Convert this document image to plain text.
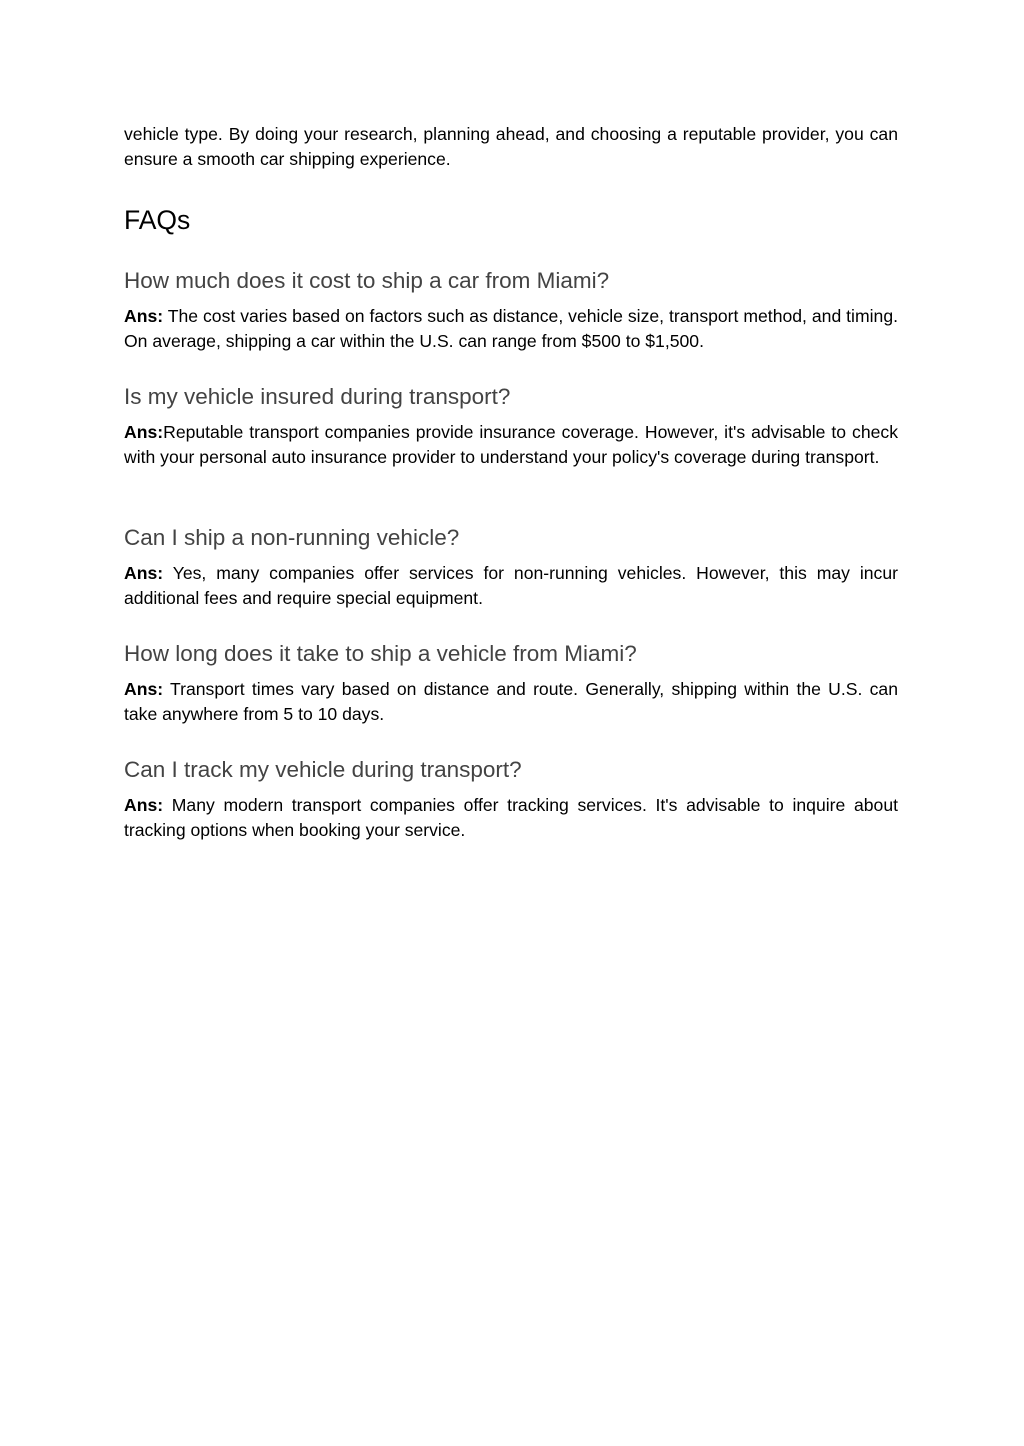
vehicle type. By doing your research, planning ahead, and choosing a reputable provider, you can ensure a smooth car shipping experience.

FAQs
How much does it cost to ship a car from Miami?

Ans: The cost varies based on factors such as distance, vehicle size, transport method, and timing. On average, shipping a car within the U.S. can range from $500 to $1,500.

Is my vehicle insured during transport?

Ans:Reputable transport companies provide insurance coverage. However, it's advisable to check with your personal auto insurance provider to understand your policy's coverage during transport.

Can I ship a non-running vehicle?

Ans: Yes, many companies offer services for non-running vehicles. However, this may incur additional fees and require special equipment.

How long does it take to ship a vehicle from Miami?

Ans: Transport times vary based on distance and route. Generally, shipping within the U.S. can take anywhere from 5 to 10 days.

Can I track my vehicle during transport?

Ans: Many modern transport companies offer tracking services. It's advisable to inquire about tracking options when booking your service.
